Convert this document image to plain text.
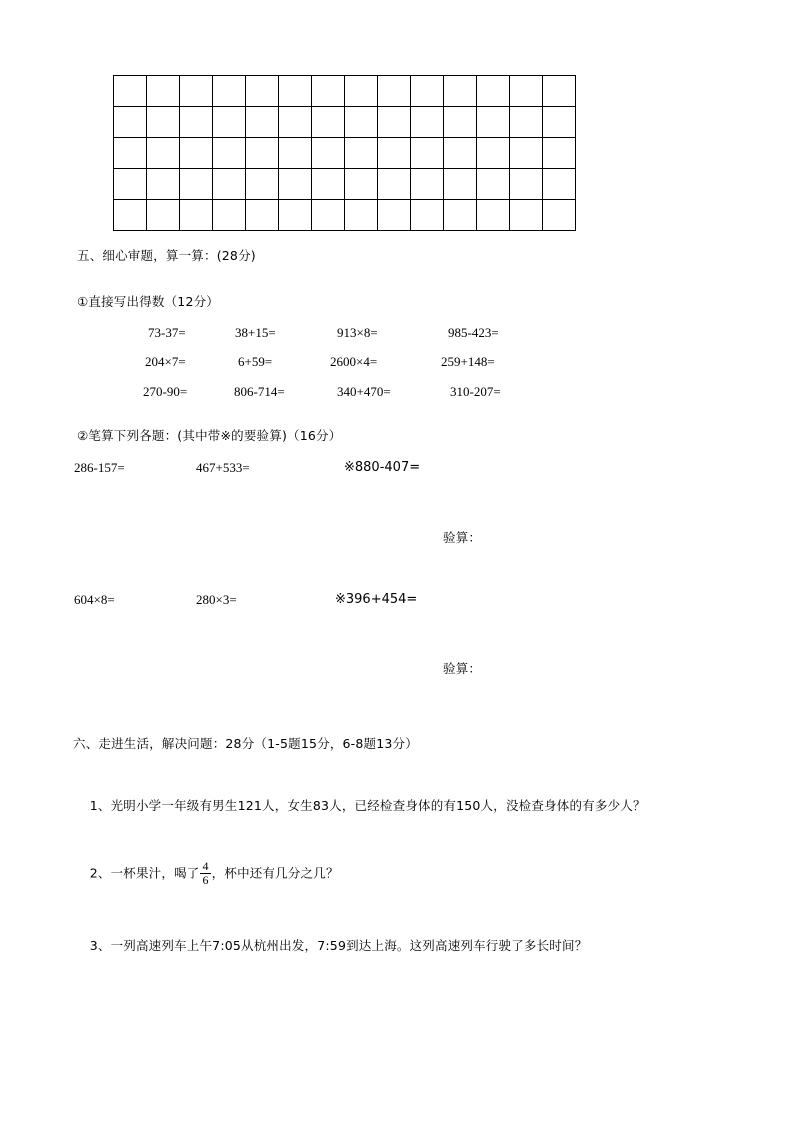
五、细心审题，算一算：(28分)
①直接写出得数（12分）
73-37=	38+15=	913×8=	985-423=
204×7=	6+59=	2600×4=	259+148=
270-90=	806-714=	340+470=	310-207=
②笔算下列各题：(其中带※的要验算)（16分）
286-157=	467+533=	※880-407=
验算：
604×8=	280×3=	※396+454=
验算：
六、走进生活，解决问题：28分（1-5题15分，6-8题13分）

1、光明小学一年级有男生121人，女生83人，已经检查身体的有150人，没检查身体的有多少人？

2、一杯果汁，喝了 $\frac{4}{6}$ ，杯中还有几分之几？

3、一列高速列车上午7:05从杭州出发，7:59到达上海。这列高速列车行驶了多长时间？
